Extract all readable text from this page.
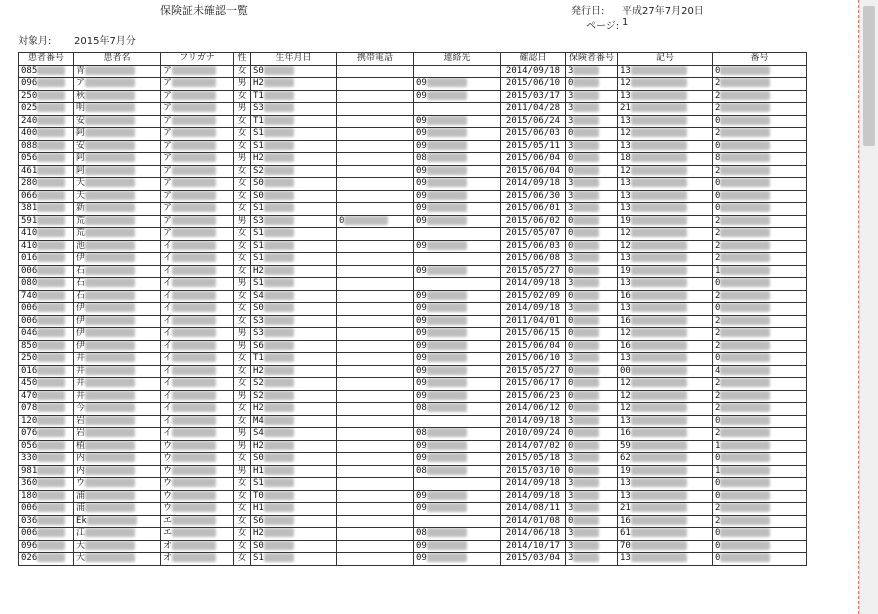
保険証未確認一覧	発行日: 平成27年7月20日
ページ: 1
対象月: 2015年7月分
患者番号	患者名	フリガナ	性	生年月日	携帯電話	連絡先	確認日	保険者番号	記号	番号
085	青	ア	女	S0			2014/09/18	3	13	0
096	ア	ア	男	H2		09	2015/06/10	0	12	2
250	秋	ア	女	T1		09	2015/03/17	3	13	2
025	明	ア	男	S3			2011/04/28	3	21	2
240	安	ア	女	T1		09	2015/06/24	3	13	0
400	阿	ア	女	S1		09	2015/06/03	0	12	2
088	安	ア	女	S1		09	2015/05/11	3	13	0
056	阿	ア	男	H2		08	2015/06/04	0	18	8
461	阿	ア	女	S2		09	2015/06/04	0	12	2
280	天	ア	女	S0		09	2014/09/18	3	13	0
066	天	ア	女	S0		09	2015/06/30	3	13	0
381	新	ア	女	S1		09	2015/06/01	3	13	0
591	荒	ア	男	S3	0	09	2015/06/02	0	19	2
410	荒	ア	女	S1			2015/05/07	0	12	2
410	池	イ	女	S1		09	2015/06/03	0	12	2
016	伊	イ	女	S1			2015/06/08	3	13	2
006	石	イ	女	H2		09	2015/05/27	0	19	1
080	石	イ	男	S1			2014/09/18	3	13	0
740	石	イ	女	S4		09	2015/02/09	0	16	2
006	伊	イ	女	S0		09	2014/09/18	3	13	0
006	伊	イ	女	S3		09	2011/04/01	0	16	2
046	伊	イ	男	S3		09	2015/06/15	0	12	2
850	伊	イ	男	S6		09	2015/06/04	0	16	2
250	井	イ	女	T1		09	2015/06/10	3	13	0
016	井	イ	女	H2		09	2015/05/27	0	00	4
450	井	イ	女	S2		09	2015/06/17	0	12	2
470	井	イ	男	S2		09	2015/06/23	0	12	2
078	今	イ	女	H2		08	2014/06/12	0	12	2
120	岩	イ	女	M4			2014/09/18	3	13	0
076	岩	イ	男	S4		08	2010/09/24	0	16	2
056	植	ウ	男	H2		09	2014/07/02	0	59	1
330	内	ウ	女	S0		09	2015/05/18	3	62	0
981	内	ウ	男	H1		08	2015/03/10	0	19	1
360	ウ	ウ	女	S1			2014/09/18	3	13	0
180	浦	ウ	女	T0		09	2014/09/18	3	13	0
006	浦	ウ	女	H1		09	2014/08/11	3	21	2
036	Ek	エ	女	S6			2014/01/08	0	16	2
006	江	エ	女	H2		08	2014/06/18	3	61	0
096	大	オ	女	S0		09	2014/10/17	3	70	0
026	大	オ	女	S1		09	2015/03/04	3	13	0
